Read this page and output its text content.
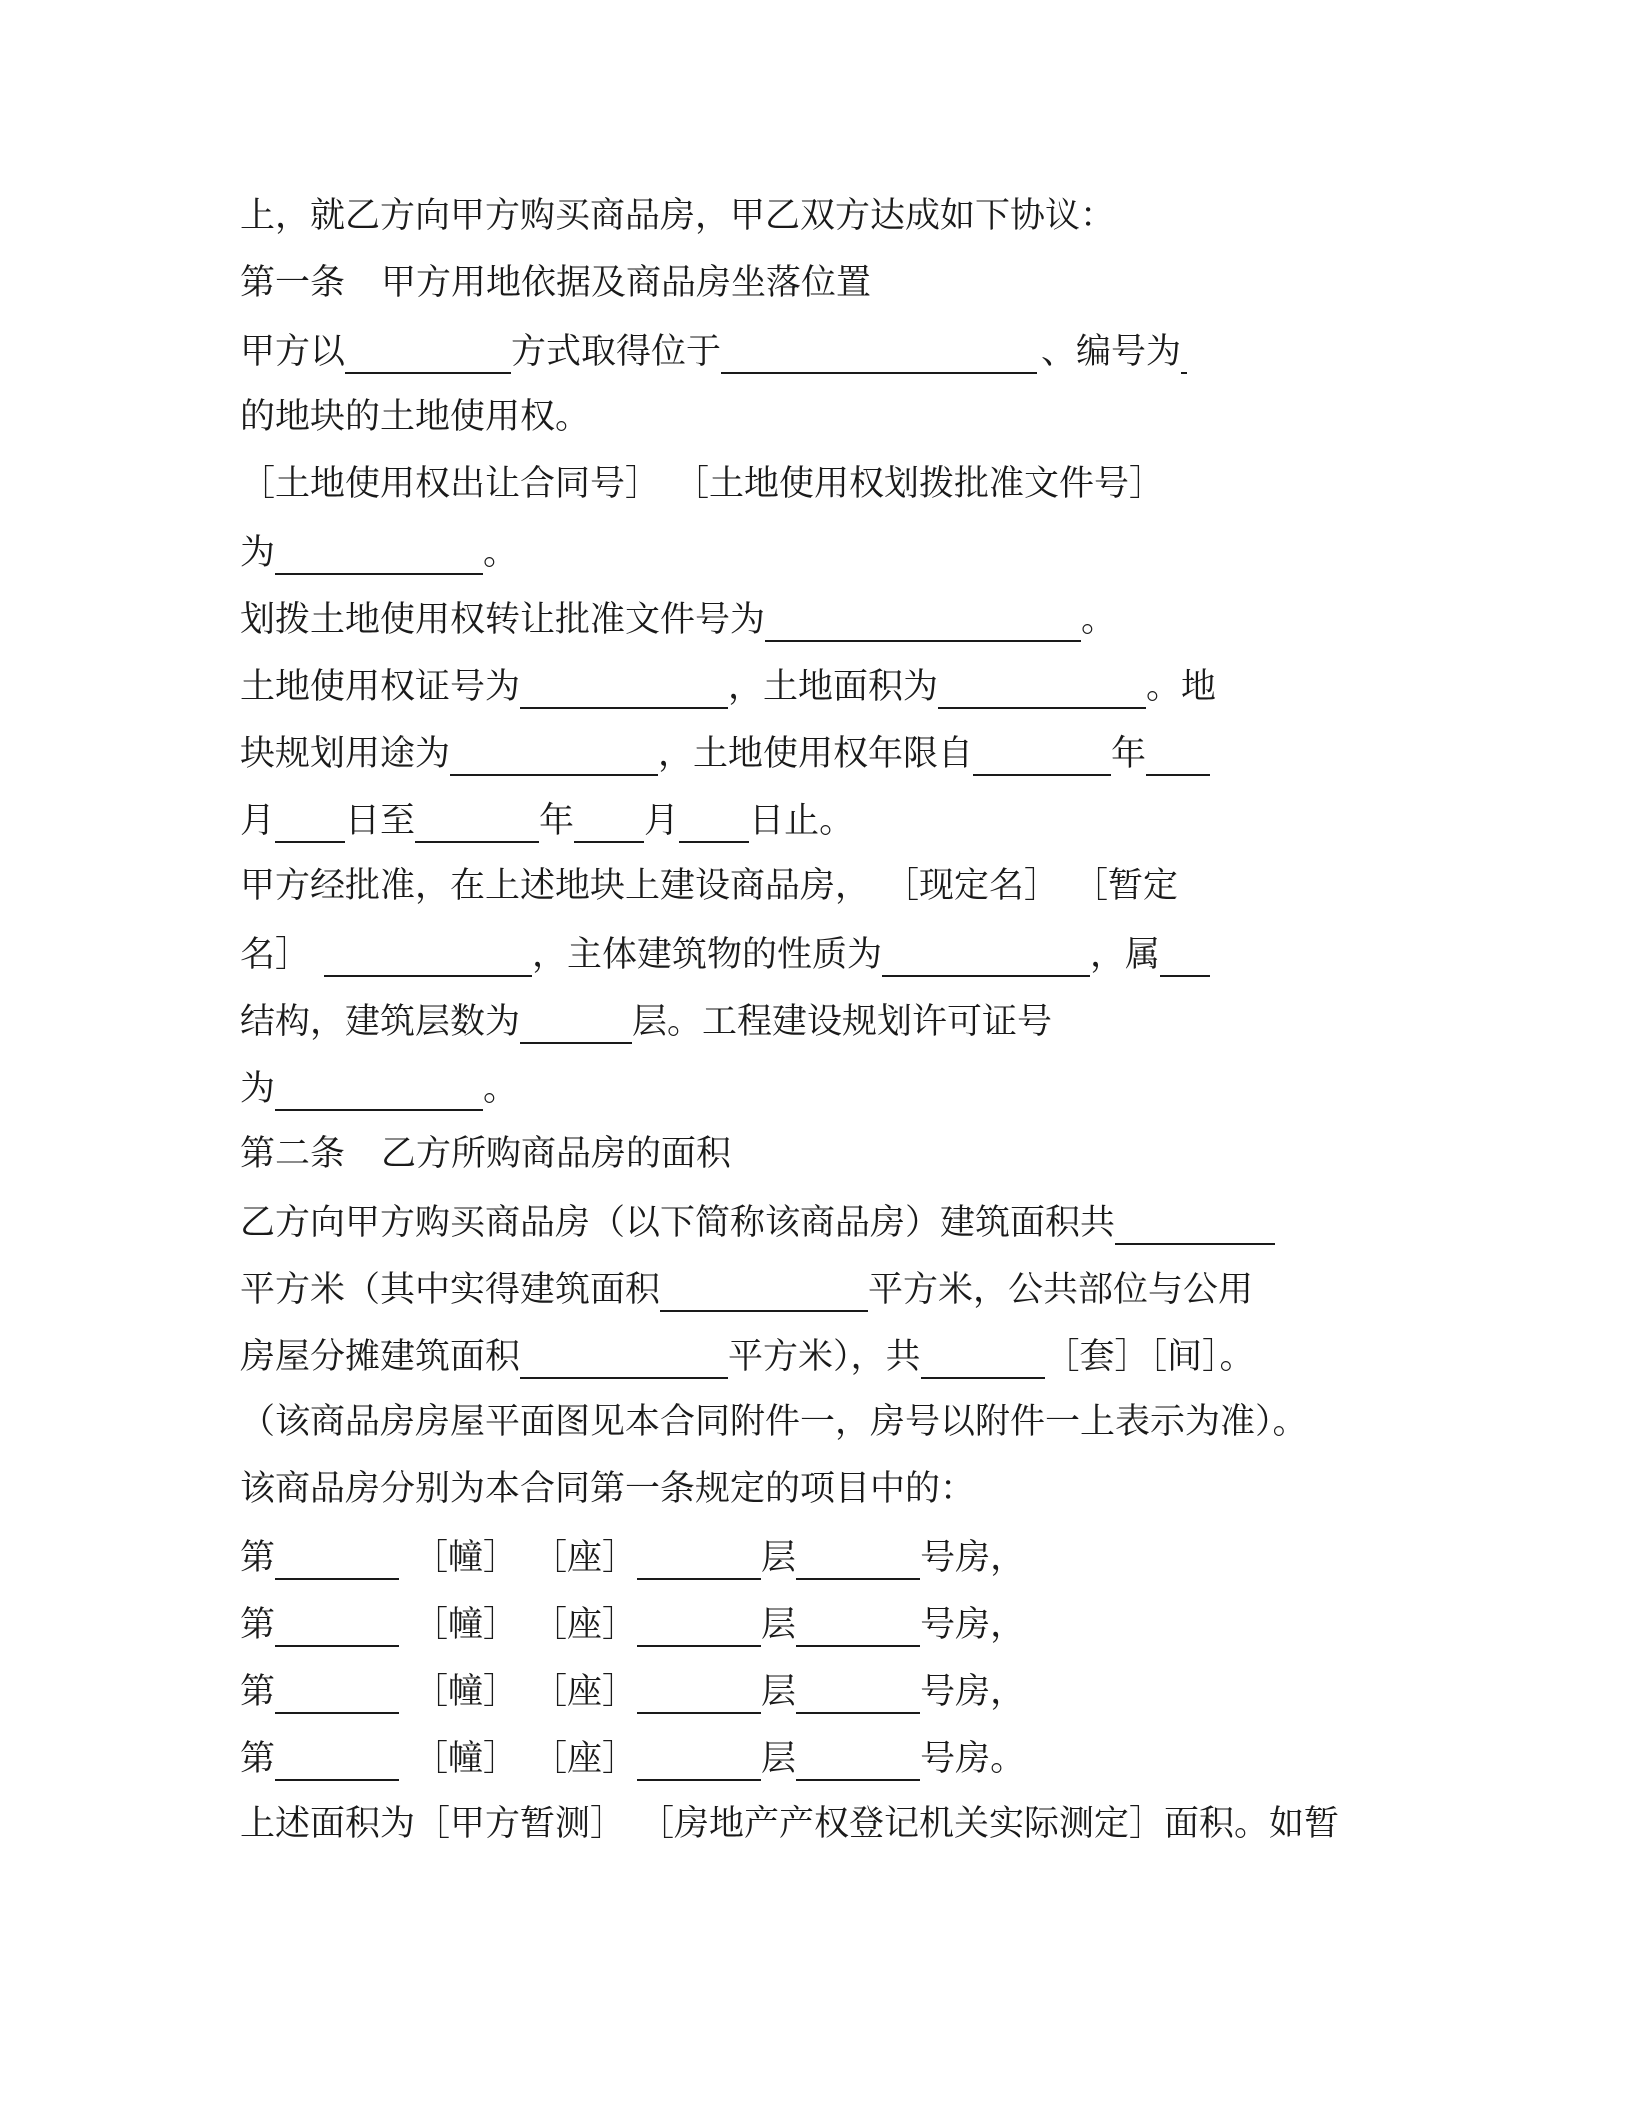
上，就乙方向甲方购买商品房，甲乙双方达成如下协议：
第一条 甲方用地依据及商品房坐落位置
甲方以	方式取得位于	、编号为
的地块的土地使用权。
［土地使用权出让合同号］ ［土地使用权划拨批准文件号］
为	。
划拨土地使用权转让批准文件号为	。
土地使用权证号为	，土地面积为	。地
块规划用途为	，土地使用权年限自	年
月 日至	年 月 日止。
甲方经批准，在上述地块上建设商品房， ［现定名］ ［暂定
名］	，主体建筑物的性质为	，属
结构，建筑层数为	层。工程建设规划许可证号
为	。
第二条 乙方所购商品房的面积
乙方向甲方购买商品房（以下简称该商品房）建筑面积共
平方米（其中实得建筑面积	平方米，公共部位与公用
房屋分摊建筑面积	平方米），共	［套］［间］。
（该商品房房屋平面图见本合同附件一，房号以附件一上表示为准）。
该商品房分别为本合同第一条规定的项目中的：
第	［幢］ ［座］	层	号房，
第	［幢］ ［座］	层	号房，
第	［幢］ ［座］	层	号房，
第	［幢］ ［座］	层	号房。
上述面积为［甲方暂测］ ［房地产产权登记机关实际测定］面积。如暂
